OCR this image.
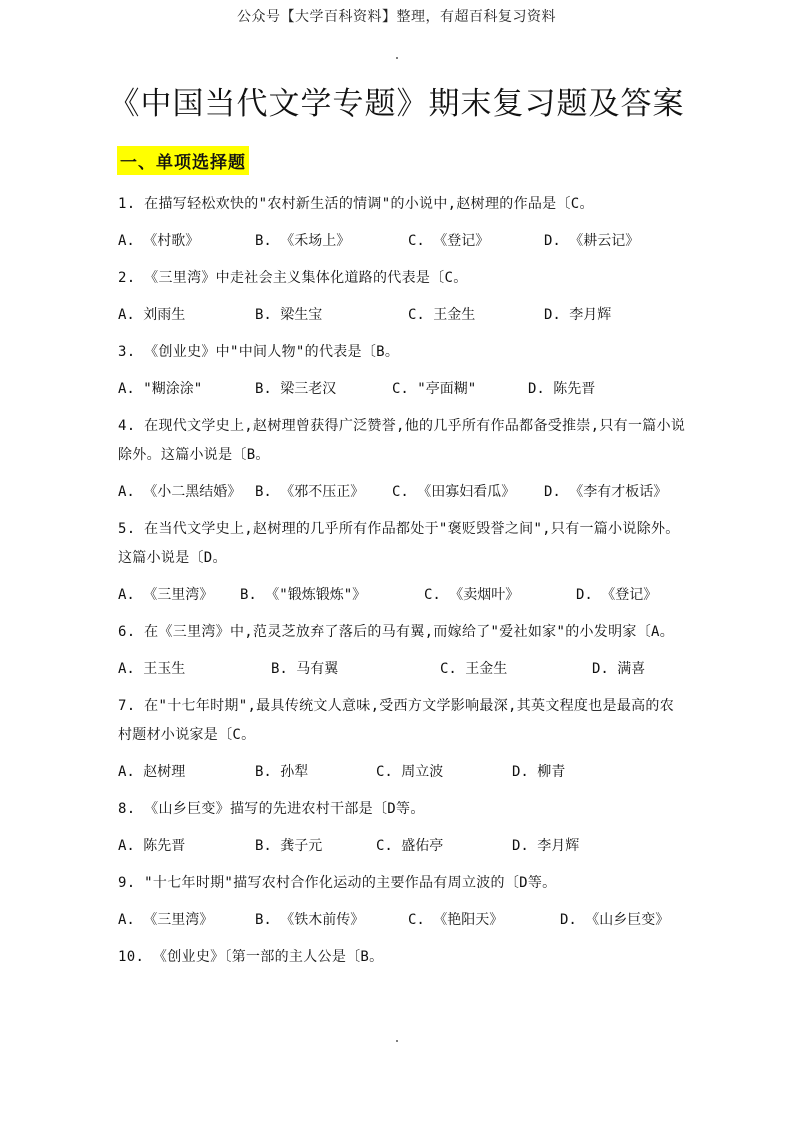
公众号【大学百科资料】整理，有超百科复习资料
《中国当代文学专题》期末复习题及答案
一、单项选择题
1. 在描写轻松欢快的"农村新生活的情调"的小说中,赵树理的作品是〔C。
A. 《村歌》	B. 《禾场上》	C. 《登记》	D. 《耕云记》
2. 《三里湾》中走社会主义集体化道路的代表是〔C。
A. 刘雨生	B. 梁生宝	C. 王金生	D. 李月辉
3. 《创业史》中"中间人物"的代表是〔B。
A. "糊涂涂"	B. 梁三老汉	C. "亭面糊"	D. 陈先晋
4. 在现代文学史上,赵树理曾获得广泛赞誉,他的几乎所有作品都备受推崇,只有一篇小说除外。这篇小说是〔B。
A. 《小二黑结婚》 B. 《邪不压正》 C. 《田寡妇看瓜》 D. 《李有才板话》
5. 在当代文学史上,赵树理的几乎所有作品都处于"褒贬毁誉之间",只有一篇小说除外。这篇小说是〔D。
A. 《三里湾》 B. 《"锻炼锻炼"》	C. 《卖烟叶》	D. 《登记》
6. 在《三里湾》中,范灵芝放弃了落后的马有翼,而嫁给了"爱社如家"的小发明家〔A。
A. 王玉生	B. 马有翼	C. 王金生	D. 满喜
7. 在"十七年时期",最具传统文人意味,受西方文学影响最深,其英文程度也是最高的农村题材小说家是〔C。
A. 赵树理	B. 孙犁	C. 周立波	D. 柳青
8. 《山乡巨变》描写的先进农村干部是〔D等。
A. 陈先晋	B. 龚子元	C. 盛佑亭	D. 李月辉
9. "十七年时期"描写农村合作化运动的主要作品有周立波的〔D等。
A. 《三里湾》	B. 《铁木前传》	C. 《艳阳天》	D. 《山乡巨变》
10. 《创业史》〔第一部的主人公是〔B。
